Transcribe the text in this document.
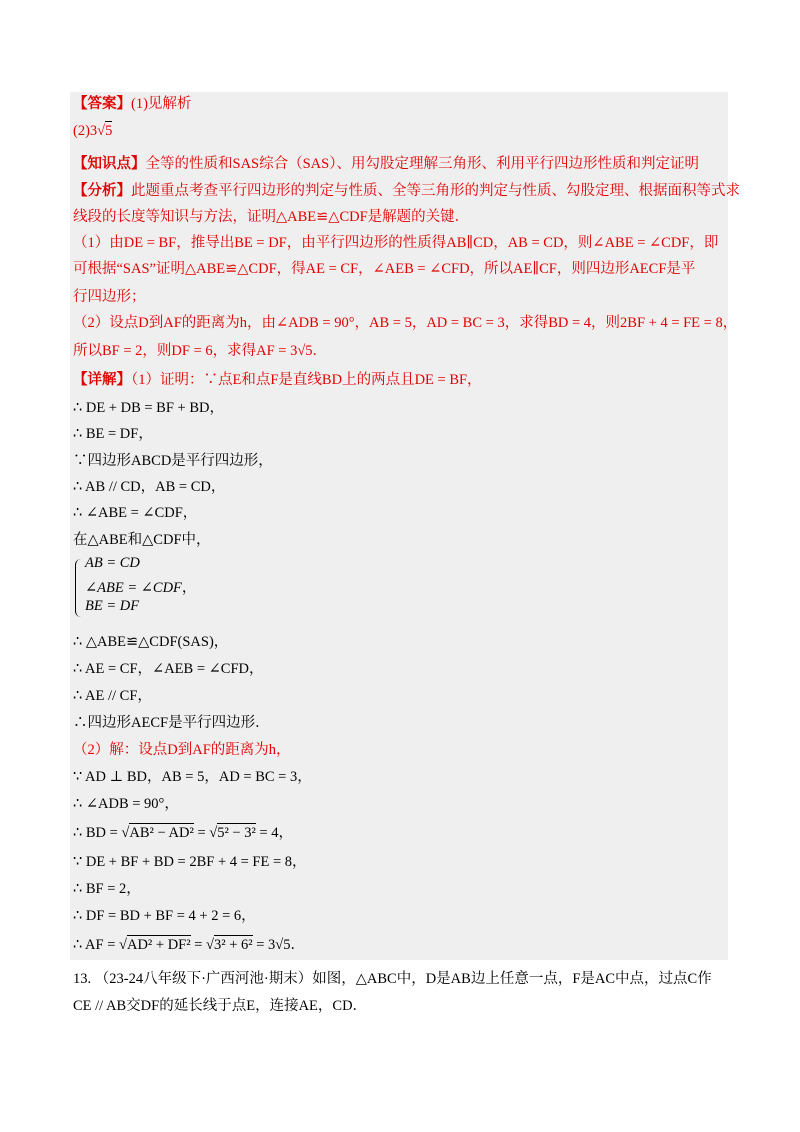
【答案】(1)见解析
(2)3√5
【知识点】全等的性质和SAS综合（SAS）、用勾股定理解三角形、利用平行四边形性质和判定证明
【分析】此题重点考查平行四边形的判定与性质、全等三角形的判定与性质、勾股定理、根据面积等式求
线段的长度等知识与方法，证明△ABE≌△CDF是解题的关键．
（1）由DE = BF，推导出BE = DF，由平行四边形的性质得AB∥CD，AB = CD，则∠ABE = ∠CDF，即
可根据“SAS”证明△ABE≌△CDF，得AE = CF，∠AEB = ∠CFD，所以AE∥CF，则四边形AECF是平
行四边形；
（2）设点D到AF的距离为h，由∠ADB = 90°，AB = 5，AD = BC = 3，求得BD = 4，则2BF + 4 = FE = 8，
所以BF = 2，则DF = 6，求得AF = 3√5．
【详解】（1）证明：∵点E和点F是直线BD上的两点且DE = BF，
∴ DE + DB = BF + BD，
∴ BE = DF，
∵四边形ABCD是平行四边形，
∴ AB // CD，AB = CD，
∴ ∠ABE = ∠CDF，
在△ABE和△CDF中，
AB = CD
∠ABE = ∠CDF，
BE = DF
∴ △ABE≌△CDF(SAS)，
∴ AE = CF，∠AEB = ∠CFD，
∴ AE // CF，
∴四边形AECF是平行四边形．
（2）解：设点D到AF的距离为h，
∵ AD ⊥ BD，AB = 5，AD = BC = 3，
∴ ∠ADB = 90°，
∴ BD = √AB² − AD² = √5² − 3² = 4，
∵ DE + BF + BD = 2BF + 4 = FE = 8，
∴ BF = 2，
∴ DF = BD + BF = 4 + 2 = 6，
∴ AF = √AD² + DF² = √3² + 6² = 3√5．
13. （23-24八年级下·广西河池·期末）如图，△ABC中，D是AB边上任意一点，F是AC中点，过点C作
CE // AB交DF的延长线于点E，连接AE，CD．
